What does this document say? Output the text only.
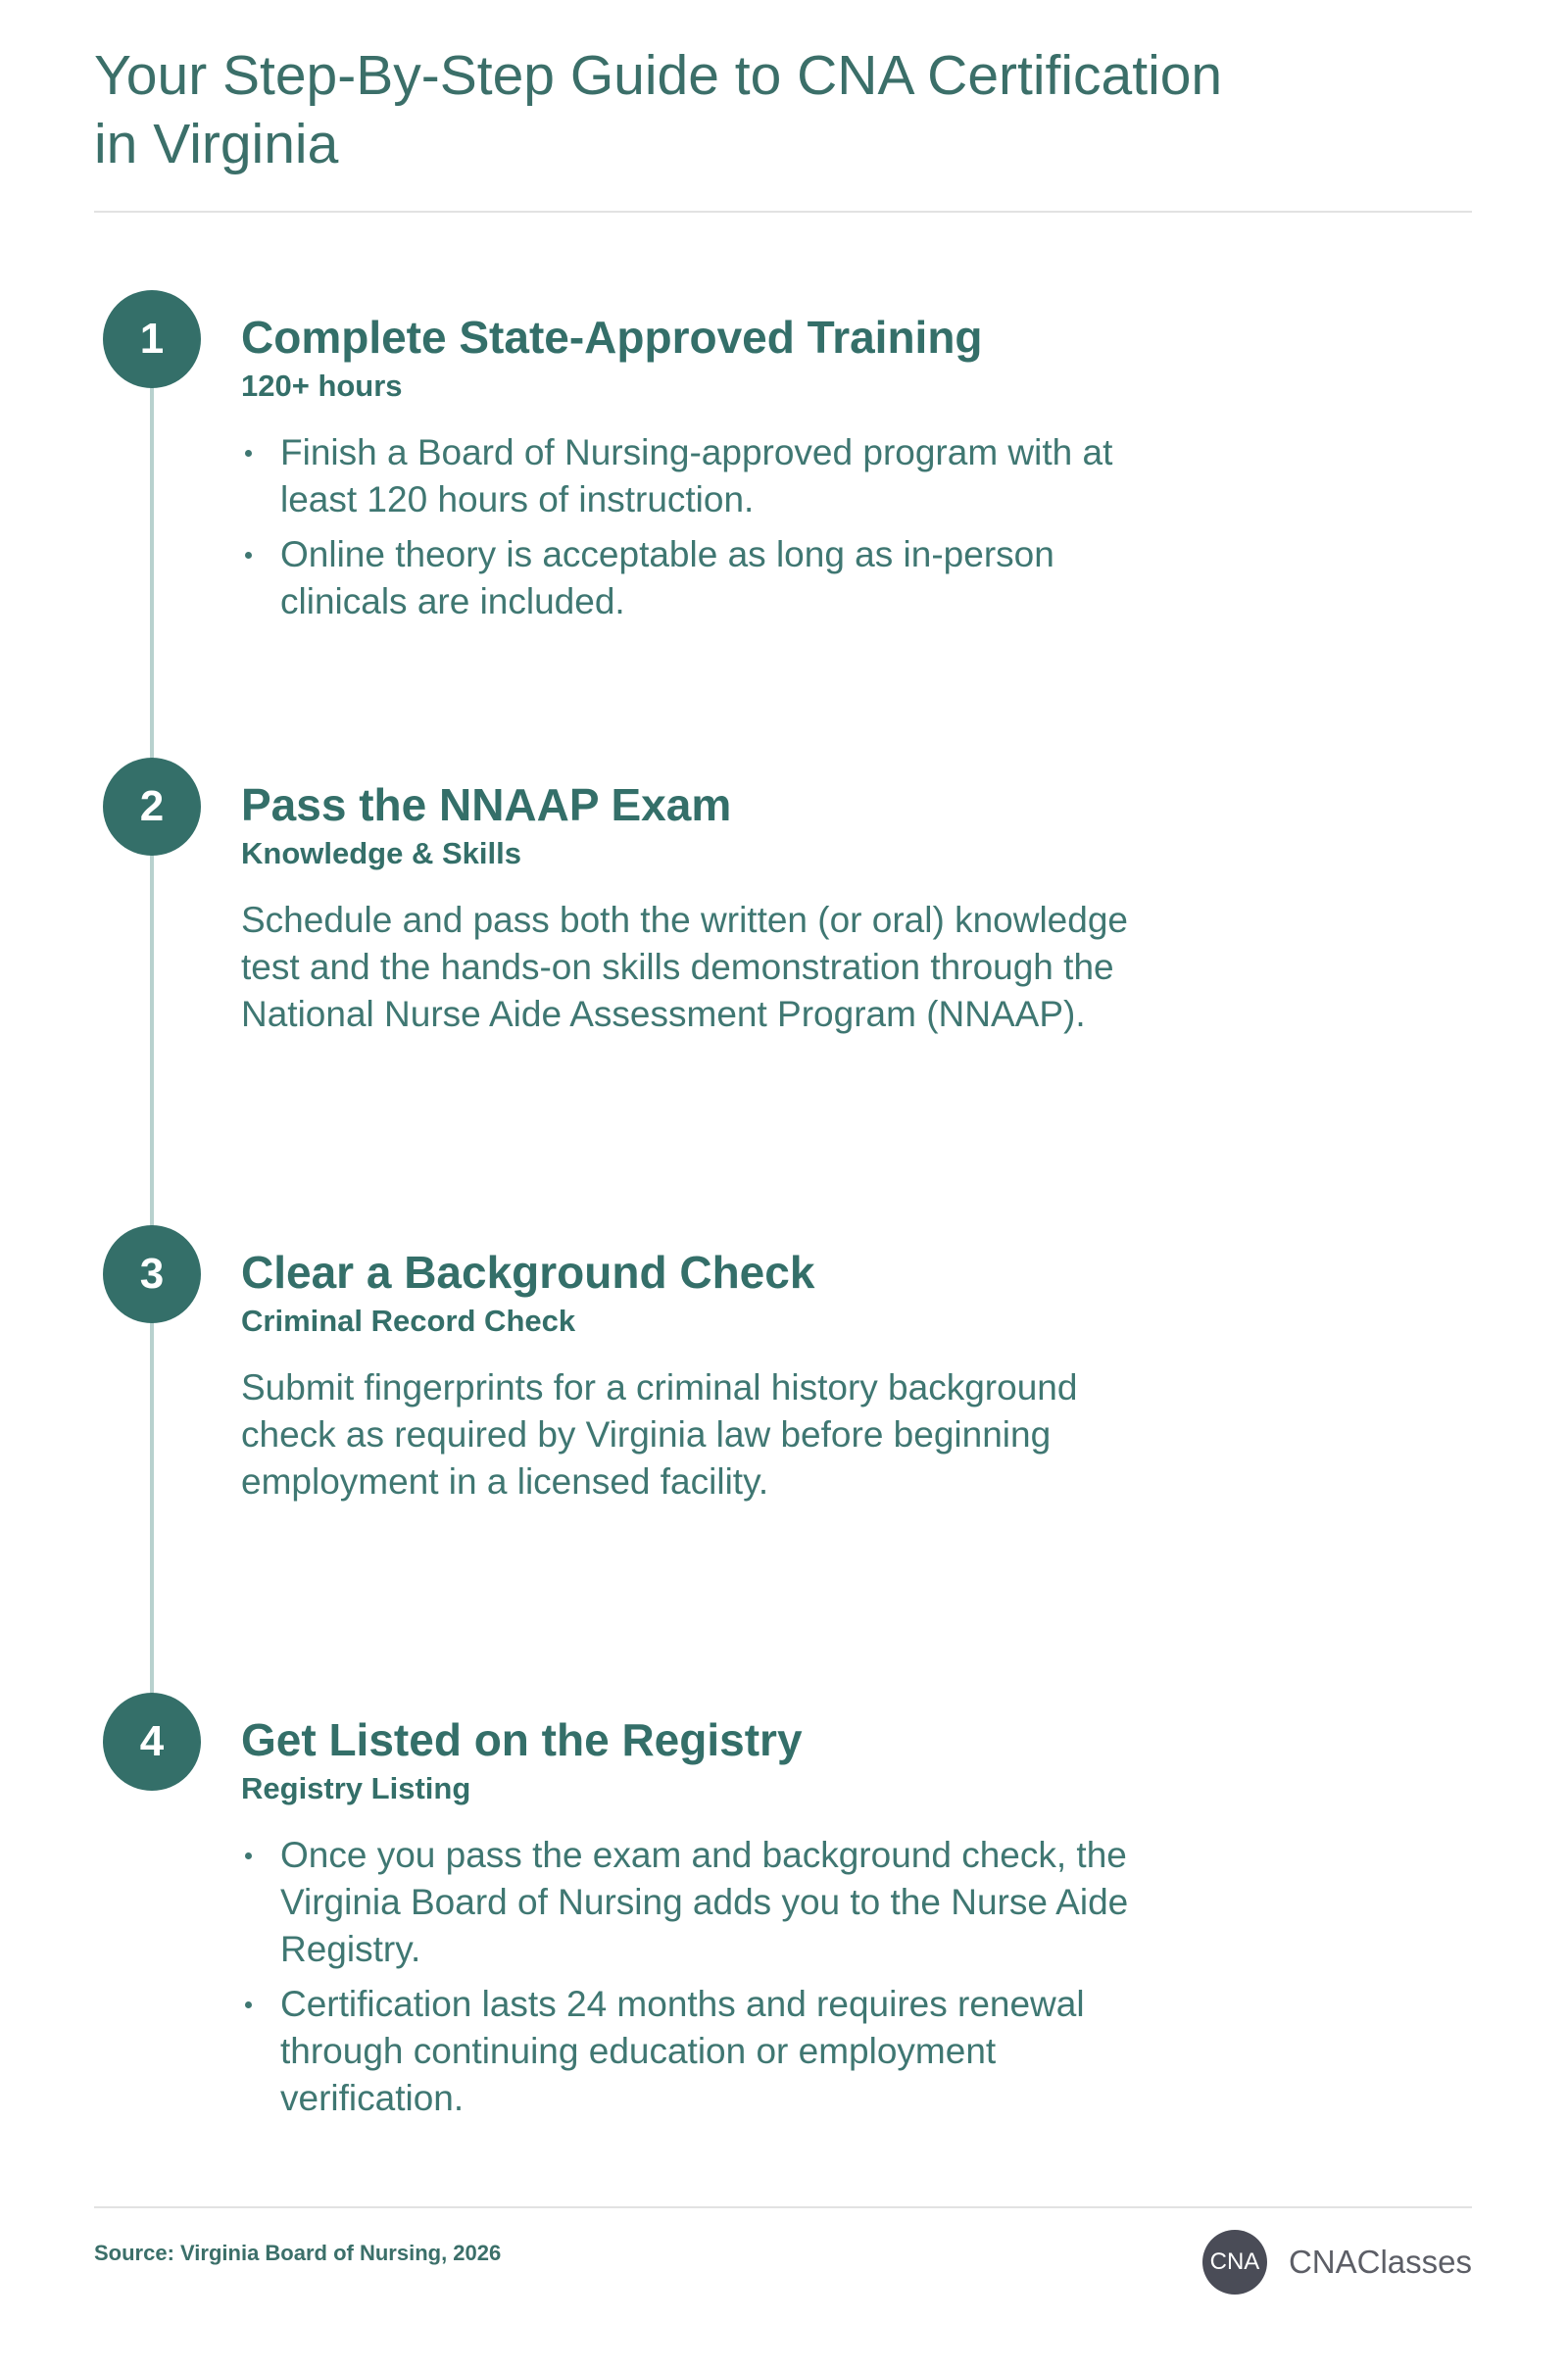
Your Step-By-Step Guide to CNA Certification in Virginia
1	Complete State-Approved Training
120+ hours
Finish a Board of Nursing-approved program with at least 120 hours of instruction.
Online theory is acceptable as long as in-person clinicals are included.
2	Pass the NNAAP Exam
Knowledge & Skills

Schedule and pass both the written (or oral) knowledge test and the hands-on skills demonstration through the National Nurse Aide Assessment Program (NNAAP).

3	Clear a Background Check
Criminal Record Check

Submit fingerprints for a criminal history background check as required by Virginia law before beginning employment in a licensed facility.

4	Get Listed on the Registry
Registry Listing
Once you pass the exam and background check, the Virginia Board of Nursing adds you to the Nurse Aide Registry.
Certification lasts 24 months and requires renewal through continuing education or employment verification.
Source: Virginia Board of Nursing, 2026	CNA CNAClasses
